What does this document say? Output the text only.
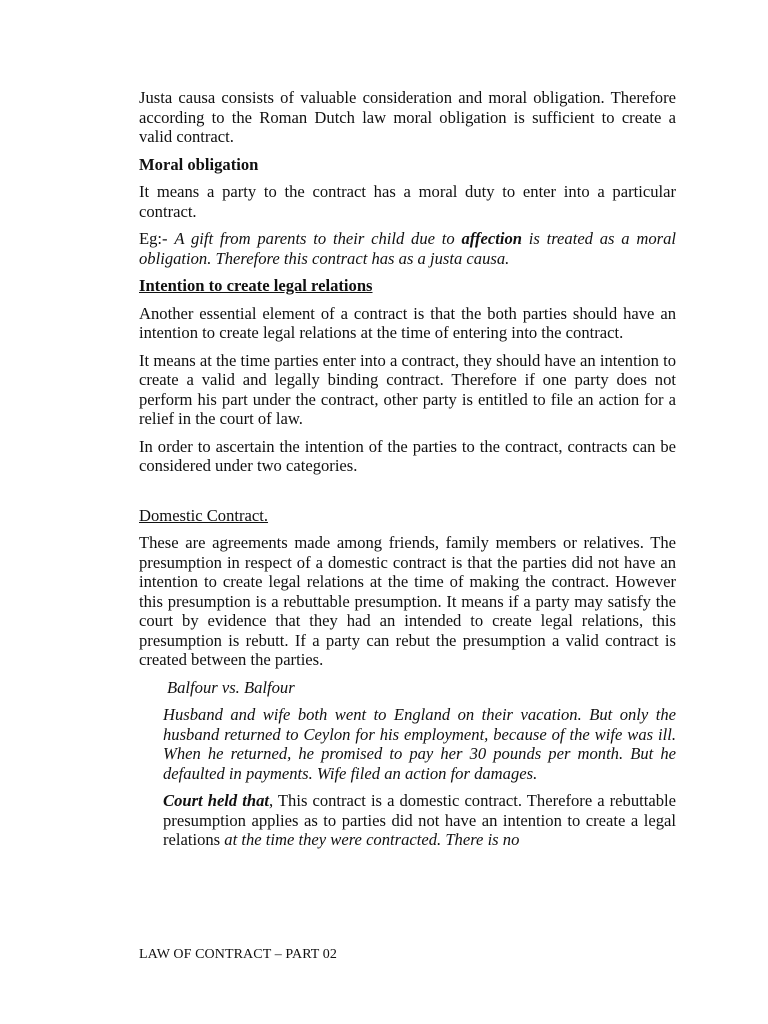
Justa causa consists of valuable consideration and moral obligation. Therefore according to the Roman Dutch law moral obligation is sufficient to create a valid contract.

Moral obligation

It means a party to the contract has a moral duty to enter into a particular contract.

Eg:- A gift from parents to their child due to affection is treated as a moral obligation. Therefore this contract has as a justa causa.

Intention to create legal relations

Another essential element of a contract is that the both parties should have an intention to create legal relations at the time of entering into the contract.

It means at the time parties enter into a contract, they should have an intention to create a valid and legally binding contract. Therefore if one party does not perform his part under the contract, other party is entitled to file an action for a relief in the court of law.

In order to ascertain the intention of the parties to the contract, contracts can be considered under two categories.

Domestic Contract.

These are agreements made among friends, family members or relatives. The presumption in respect of a domestic contract is that the parties did not have an intention to create legal relations at the time of making the contract. However this presumption is a rebuttable presumption. It means if a party may satisfy the court by evidence that they had an intended to create legal relations, this presumption is rebutt. If a party can rebut the presumption a valid contract is created between the parties.

Balfour vs. Balfour

Husband and wife both went to England on their vacation. But only the husband returned to Ceylon for his employment, because of the wife was ill. When he returned, he promised to pay her 30 pounds per month. But he defaulted in payments. Wife filed an action for damages.

Court held that, This contract is a domestic contract. Therefore a rebuttable presumption applies as to parties did not have an intention to create a legal relations at the time they were contracted. There is no

LAW OF CONTRACT – PART 02
